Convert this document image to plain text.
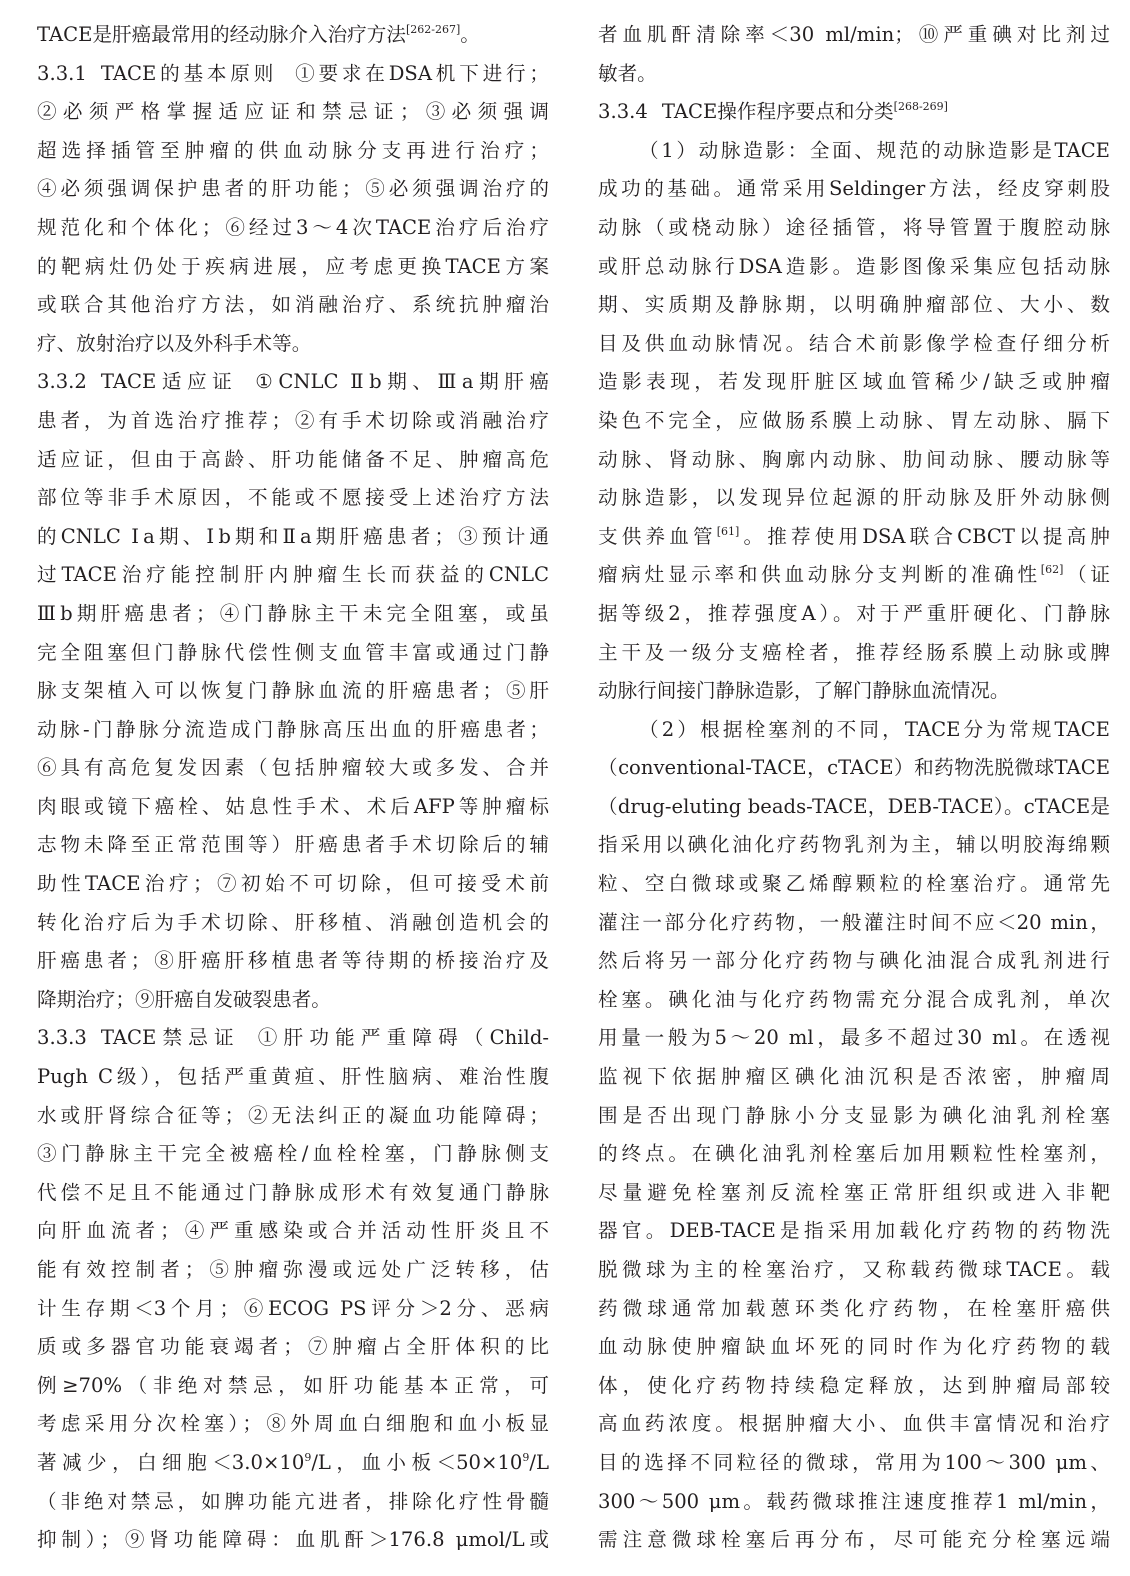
TACE是肝癌最常用的经动脉介入治疗方法[262-267]。
3.3.1 TACE的基本原则 ①要求在DSA机下进行；
②必须严格掌握适应证和禁忌证；③必须强调
超选择插管至肿瘤的供血动脉分支再进行治疗；
④必须强调保护患者的肝功能；⑤必须强调治疗的
规范化和个体化；⑥经过3～4次TACE治疗后治疗
的靶病灶仍处于疾病进展，应考虑更换TACE方案
或联合其他治疗方法，如消融治疗、系统抗肿瘤治
疗、放射治疗以及外科手术等。
3.3.2 TACE适应证 ①CNLC Ⅱb期、Ⅲa期肝癌
患者，为首选治疗推荐；②有手术切除或消融治疗
适应证，但由于高龄、肝功能储备不足、肿瘤高危
部位等非手术原因，不能或不愿接受上述治疗方法
的CNLC Ⅰa期、Ⅰb期和Ⅱa期肝癌患者；③预计通
过TACE治疗能控制肝内肿瘤生长而获益的CNLC
Ⅲb期肝癌患者；④门静脉主干未完全阻塞，或虽
完全阻塞但门静脉代偿性侧支血管丰富或通过门静
脉支架植入可以恢复门静脉血流的肝癌患者；⑤肝
动脉-门静脉分流造成门静脉高压出血的肝癌患者；
⑥具有高危复发因素（包括肿瘤较大或多发、合并
肉眼或镜下癌栓、姑息性手术、术后AFP等肿瘤标
志物未降至正常范围等）肝癌患者手术切除后的辅
助性TACE治疗；⑦初始不可切除，但可接受术前
转化治疗后为手术切除、肝移植、消融创造机会的
肝癌患者；⑧肝癌肝移植患者等待期的桥接治疗及
降期治疗；⑨肝癌自发破裂患者。
3.3.3 TACE禁忌证 ①肝功能严重障碍（Child-
Pugh C级），包括严重黄疸、肝性脑病、难治性腹
水或肝肾综合征等；②无法纠正的凝血功能障碍；
③门静脉主干完全被癌栓/血栓栓塞，门静脉侧支
代偿不足且不能通过门静脉成形术有效复通门静脉
向肝血流者；④严重感染或合并活动性肝炎且不
能有效控制者；⑤肿瘤弥漫或远处广泛转移，估
计生存期＜3个月；⑥ECOG PS评分＞2分、恶病
质或多器官功能衰竭者；⑦肿瘤占全肝体积的比
例≥70%（非绝对禁忌，如肝功能基本正常，可
考虑采用分次栓塞）；⑧外周血白细胞和血小板显
著减少，白细胞$<3.0\times 10^9/L$，血小板$<50\times 10^9/L$
（非绝对禁忌，如脾功能亢进者，排除化疗性骨髓
抑制）；⑨肾功能障碍：血肌酐＞176.8 μmol/L或
者血肌酐清除率＜30 ml/min；⑩严重碘对比剂过
敏者。
3.3.4 TACE操作程序要点和分类[268-269]
（1）动脉造影：全面、规范的动脉造影是TACE
成功的基础。通常采用Seldinger方法，经皮穿刺股
动脉（或桡动脉）途径插管，将导管置于腹腔动脉
或肝总动脉行DSA造影。造影图像采集应包括动脉
期、实质期及静脉期，以明确肿瘤部位、大小、数
目及供血动脉情况。结合术前影像学检查仔细分析
造影表现，若发现肝脏区域血管稀少/缺乏或肿瘤
染色不完全，应做肠系膜上动脉、胃左动脉、膈下
动脉、肾动脉、胸廓内动脉、肋间动脉、腰动脉等
动脉造影，以发现异位起源的肝动脉及肝外动脉侧
支供养血管[61]。推荐使用DSA联合CBCT以提高肿
瘤病灶显示率和供血动脉分支判断的准确性[62]（证
据等级2，推荐强度A）。对于严重肝硬化、门静脉
主干及一级分支癌栓者，推荐经肠系膜上动脉或脾
动脉行间接门静脉造影，了解门静脉血流情况。
（2）根据栓塞剂的不同，TACE分为常规TACE
（conventional-TACE，cTACE）和药物洗脱微球TACE
（drug-eluting beads-TACE，DEB-TACE）。cTACE是
指采用以碘化油化疗药物乳剂为主，辅以明胶海绵颗
粒、空白微球或聚乙烯醇颗粒的栓塞治疗。通常先
灌注一部分化疗药物，一般灌注时间不应＜20 min，
然后将另一部分化疗药物与碘化油混合成乳剂进行
栓塞。碘化油与化疗药物需充分混合成乳剂，单次
用量一般为5～20 ml，最多不超过30 ml。在透视
监视下依据肿瘤区碘化油沉积是否浓密，肿瘤周
围是否出现门静脉小分支显影为碘化油乳剂栓塞
的终点。在碘化油乳剂栓塞后加用颗粒性栓塞剂，
尽量避免栓塞剂反流栓塞正常肝组织或进入非靶
器官。DEB-TACE是指采用加载化疗药物的药物洗
脱微球为主的栓塞治疗，又称载药微球TACE。载
药微球通常加载蒽环类化疗药物，在栓塞肝癌供
血动脉使肿瘤缺血坏死的同时作为化疗药物的载
体，使化疗药物持续稳定释放，达到肿瘤局部较
高血药浓度。根据肿瘤大小、血供丰富情况和治疗
目的选择不同粒径的微球，常用为100～300 μm、
300～500 μm。载药微球推注速度推荐1 ml/min，
需注意微球栓塞后再分布，尽可能充分栓塞远端
